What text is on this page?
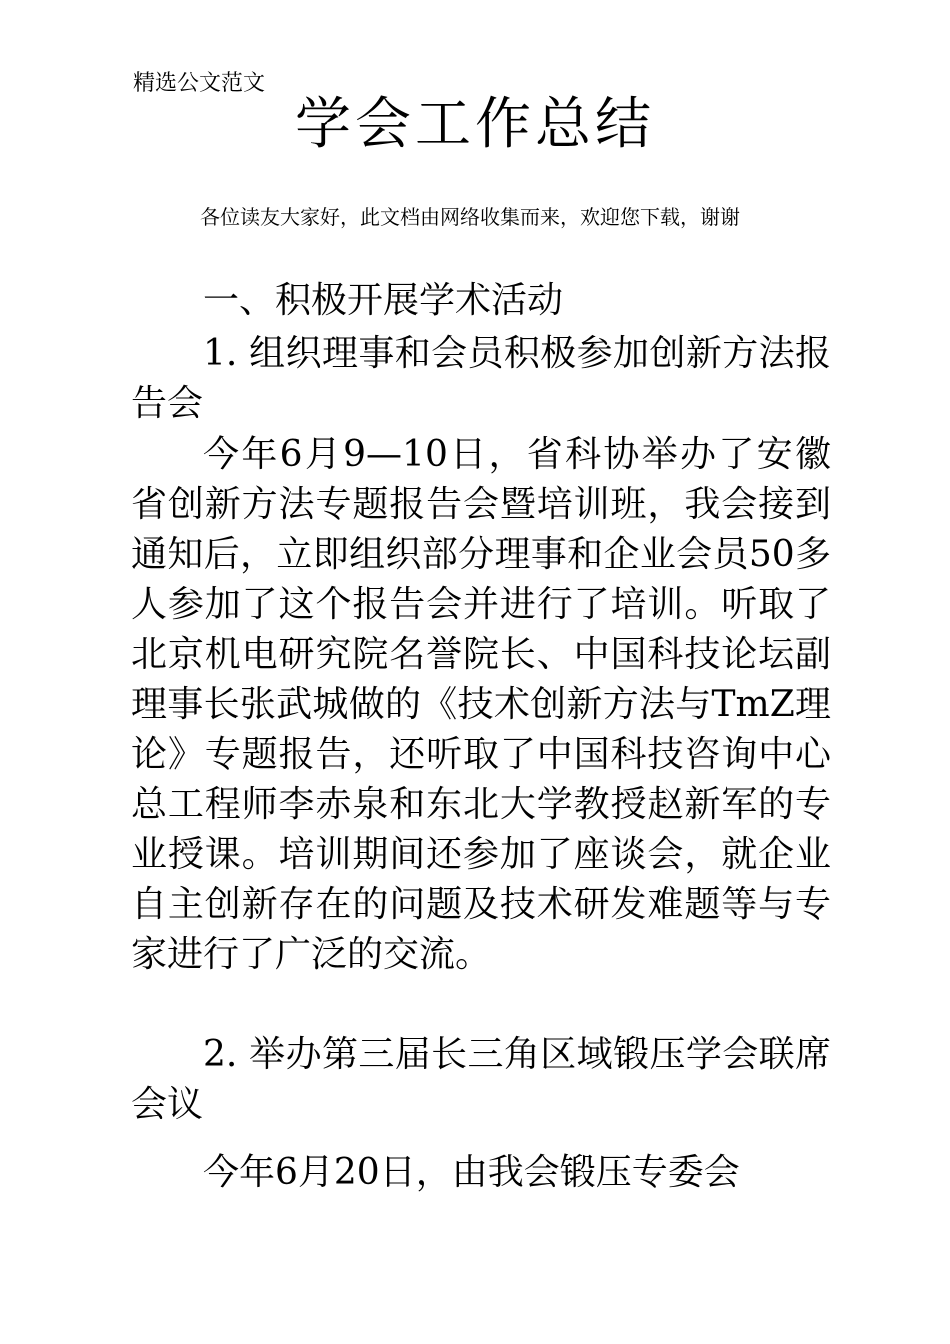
精选公文范文
学会工作总结
各位读友大家好，此文档由网络收集而来，欢迎您下载，谢谢
一、积极开展学术活动
1. 组织理事和会员积极参加创新方法报告会
今年6月9—10日，省科协举办了安徽省创新方法专题报告会暨培训班，我会接到通知后，立即组织部分理事和企业会员50多人参加了这个报告会并进行了培训。听取了北京机电研究院名誉院长、中国科技论坛副理事长张武城做的《技术创新方法与TmZ理论》专题报告，还听取了中国科技咨询中心总工程师李赤泉和东北大学教授赵新军的专业授课。培训期间还参加了座谈会，就企业自主创新存在的问题及技术研发难题等与专家进行了广泛的交流。
2. 举办第三届长三角区域锻压学会联席会议
今年6月20日，由我会锻压专委会
